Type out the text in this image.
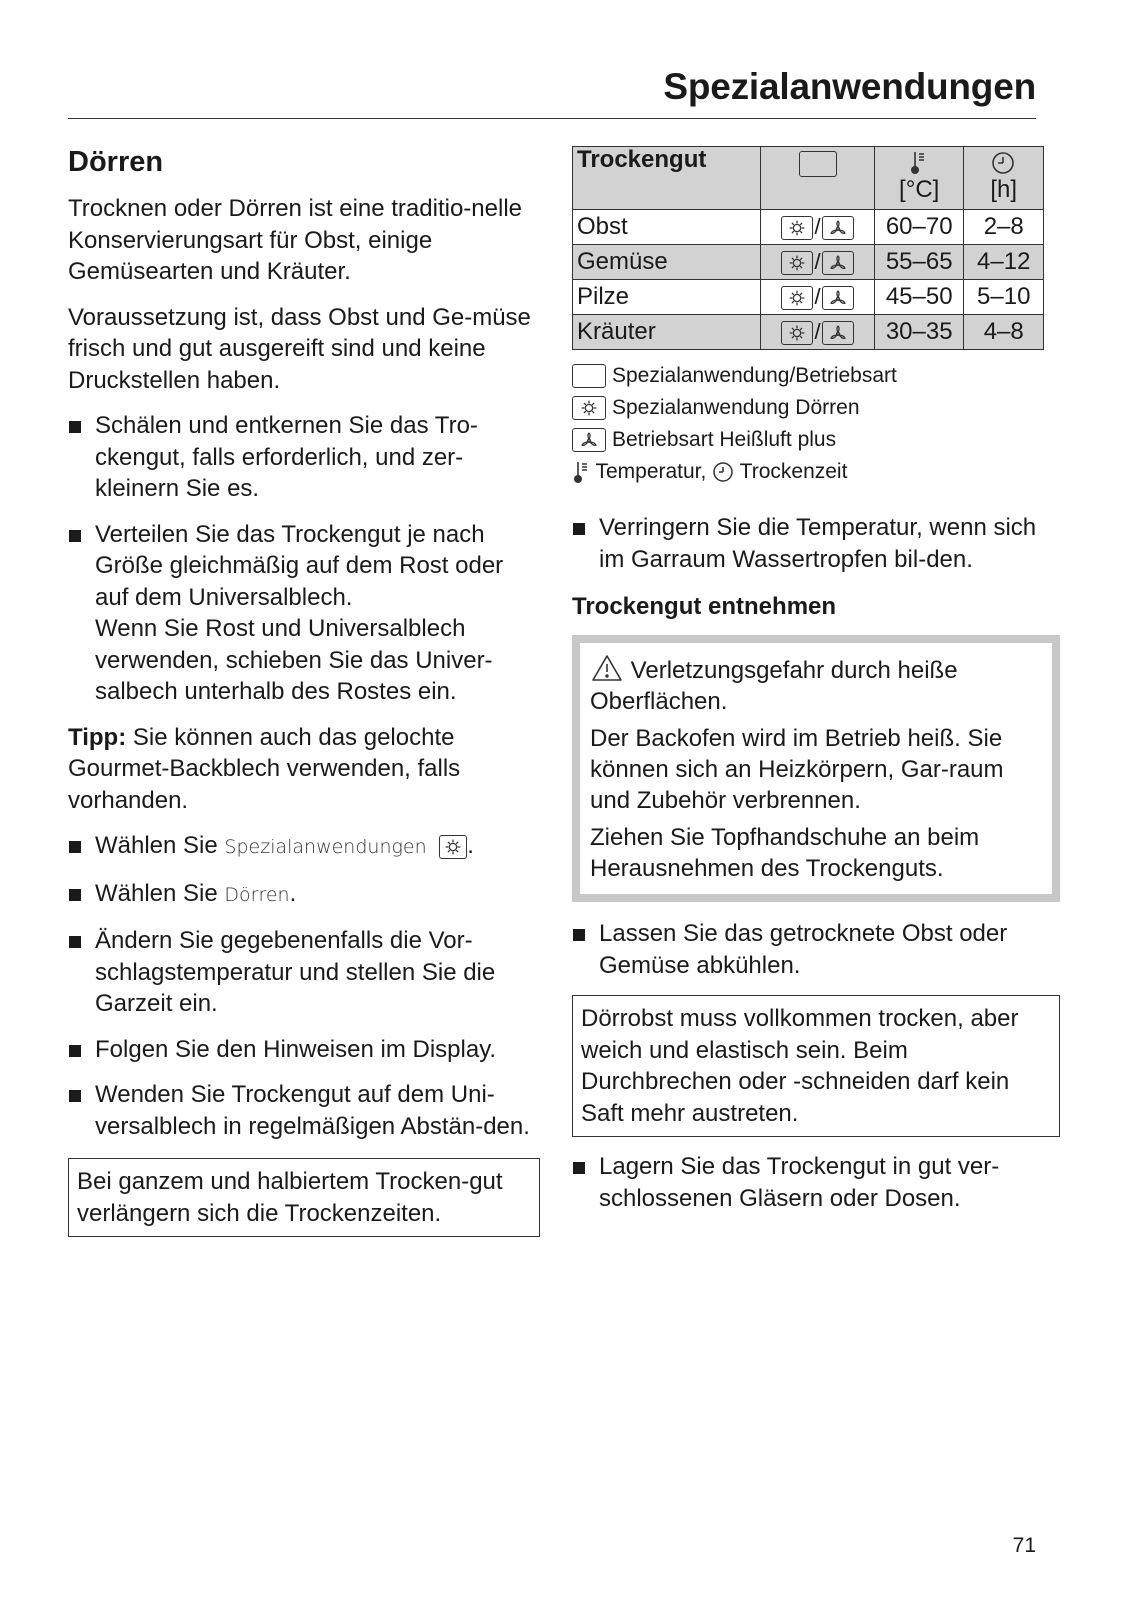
Spezialanwendungen
Dörren

Trocknen oder Dörren ist eine traditio-nelle Konservierungsart für Obst, einige Gemüsearten und Kräuter.

Voraussetzung ist, dass Obst und Ge-müse frisch und gut ausgereift sind und keine Druckstellen haben.

Schälen und entkernen Sie das Tro-ckengut, falls erforderlich, und zer-kleinern Sie es.
Verteilen Sie das Trockengut je nach Größe gleichmäßig auf dem Rost oder auf dem Universalblech.
Wenn Sie Rost und Universalblech verwenden, schieben Sie das Univer-salbech unterhalb des Rostes ein.

Tipp: Sie können auch das gelochte Gourmet-Backblech verwenden, falls vorhanden.

Wählen Sie Spezialanwendungen .
Wählen Sie Dörren.
Ändern Sie gegebenenfalls die Vor-schlagstemperatur und stellen Sie die Garzeit ein.
Folgen Sie den Hinweisen im Display.
Wenden Sie Trockengut auf dem Uni-versalblech in regelmäßigen Abstän-den.
Bei ganzem und halbiertem Trocken-gut verlängern sich die Trockenzeiten.
Trockengut		[°C]	[h]

Obst	/	60–70	2–8
Gemüse	/	55–65	4–12
Pilze	/	45–50	5–10
Kräuter	/	30–35	4–8
Spezialanwendung/Betriebsart
Spezialanwendung Dörren
Betriebsart Heißluft plus
Temperatur, Trockenzeit
Verringern Sie die Temperatur, wenn sich im Garraum Wassertropfen bil-den.
Trockengut entnehmen

Verletzungsgefahr durch heiße Oberflächen.

Der Backofen wird im Betrieb heiß. Sie können sich an Heizkörpern, Gar-raum und Zubehör verbrennen.

Ziehen Sie Topfhandschuhe an beim Herausnehmen des Trockenguts.

Lassen Sie das getrocknete Obst oder Gemüse abkühlen.
Dörrobst muss vollkommen trocken, aber weich und elastisch sein. Beim Durchbrechen oder -schneiden darf kein Saft mehr austreten.
Lagern Sie das Trockengut in gut ver-schlossenen Gläsern oder Dosen.
71
